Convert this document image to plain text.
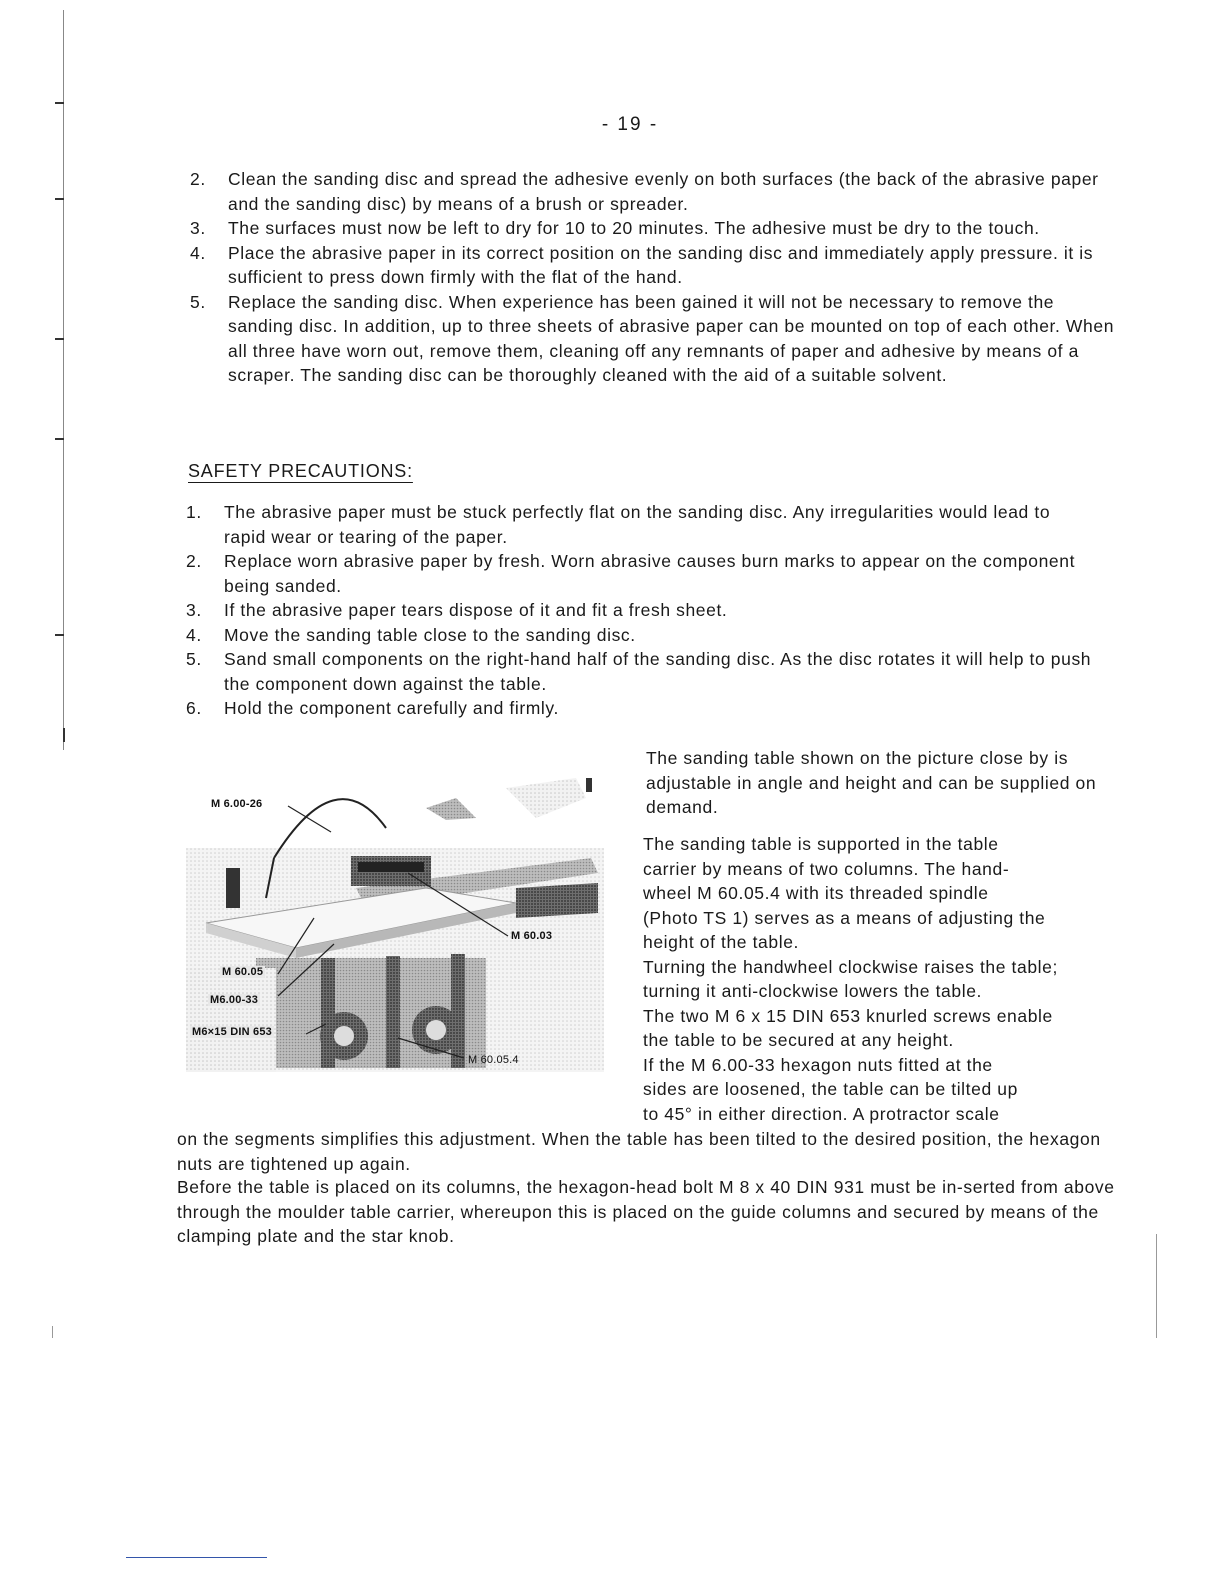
- 19 -
2. Clean the sanding disc and spread the adhesive evenly on both surfaces (the back of the abrasive paper and the sanding disc) by means of a brush or spreader.
3. The surfaces must now be left to dry for 10 to 20 minutes. The adhesive must be dry to the touch.
4. Place the abrasive paper in its correct position on the sanding disc and immediately apply pressure. it is sufficient to press down firmly with the flat of the hand.
5. Replace the sanding disc. When experience has been gained it will not be necessary to remove the sanding disc. In addition, up to three sheets of abrasive paper can be mounted on top of each other. When all three have worn out, remove them, cleaning off any remnants of paper and adhesive by means of a scraper. The sanding disc can be thoroughly cleaned with the aid of a suitable solvent.
SAFETY PRECAUTIONS:
1. The abrasive paper must be stuck perfectly flat on the sanding disc. Any irregularities would lead to rapid wear or tearing of the paper.
2. Replace worn abrasive paper by fresh. Worn abrasive causes burn marks to appear on the component being sanded.
3. If the abrasive paper tears dispose of it and fit a fresh sheet.
4. Move the sanding table close to the sanding disc.
5. Sand small components on the right-hand half of the sanding disc. As the disc rotates it will help to push the component down against the table.
6. Hold the component carefully and firmly.
M 6.00-26
M 60.03
M 60.05
M6.00-33
M6×15 DIN 653
M 60.05.4

The sanding table shown on the picture close by is adjustable in angle and height and can be supplied on demand.

The sanding table is supported in the table
carrier by means of two columns. The hand-
wheel M 60.05.4 with its threaded spindle
(Photo TS 1) serves as a means of adjusting the
height of the table.
Turning the handwheel clockwise raises the table;
turning it anti-clockwise lowers the table.
The two M 6 x 15 DIN 653 knurled screws enable
the table to be secured at any height.
If the M 6.00-33 hexagon nuts fitted at the
sides are loosened, the table can be tilted up
to 45° in either direction. A protractor scale

on the segments simplifies this adjustment. When the table has been tilted to the desired position, the hexagon nuts are tightened up again.

Before the table is placed on its columns, the hexagon-head bolt M 8 x 40 DIN 931 must be in-serted from above through the moulder table carrier, whereupon this is placed on the guide columns and secured by means of the clamping plate and the star knob.
